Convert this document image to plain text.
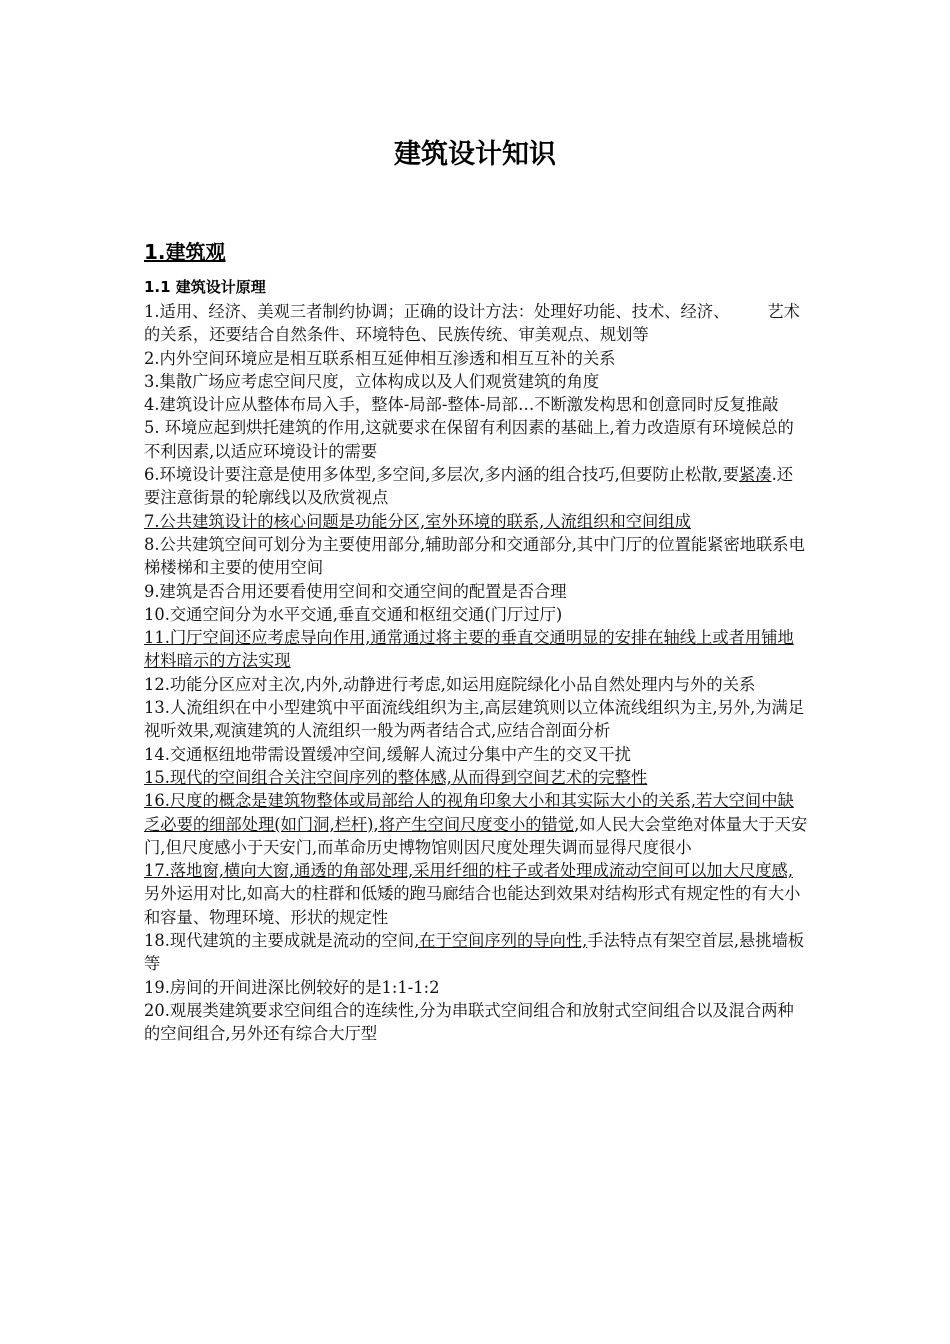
建筑设计知识
1.建筑观
1.1 建筑设计原理

1.适用、经济、美观三者制约协调；正确的设计方法：处理好功能、技术、经济、 艺术的关系，还要结合自然条件、环境特色、民族传统、审美观点、规划等

2.内外空间环境应是相互联系相互延伸相互渗透和相互互补的关系

3.集散广场应考虑空间尺度，立体构成以及人们观赏建筑的角度

4.建筑设计应从整体布局入手，整体-局部-整体-局部…不断激发构思和创意同时反复推敲

5. 环境应起到烘托建筑的作用,这就要求在保留有利因素的基础上,着力改造原有环境候总的不利因素,以适应环境设计的需要

6.环境设计要注意是使用多体型,多空间,多层次,多内涵的组合技巧,但要防止松散,要紧凑.还要注意街景的轮廓线以及欣赏视点

7.公共建筑设计的核心问题是功能分区,室外环境的联系,人流组织和空间组成

8.公共建筑空间可划分为主要使用部分,辅助部分和交通部分,其中门厅的位置能紧密地联系电梯楼梯和主要的使用空间

9.建筑是否合用还要看使用空间和交通空间的配置是否合理

10.交通空间分为水平交通,垂直交通和枢纽交通(门厅过厅)

11.门厅空间还应考虑导向作用,通常通过将主要的垂直交通明显的安排在轴线上或者用铺地材料暗示的方法实现

12.功能分区应对主次,内外,动静进行考虑,如运用庭院绿化小品自然处理内与外的关系

13.人流组织在中小型建筑中平面流线组织为主,高层建筑则以立体流线组织为主,另外,为满足视听效果,观演建筑的人流组织一般为两者结合式,应结合剖面分析

14.交通枢纽地带需设置缓冲空间,缓解人流过分集中产生的交叉干扰

15.现代的空间组合关注空间序列的整体感,从而得到空间艺术的完整性

16.尺度的概念是建筑物整体或局部给人的视角印象大小和其实际大小的关系,若大空间中缺乏必要的细部处理(如门洞,栏杆),将产生空间尺度变小的错觉,如人民大会堂绝对体量大于天安门,但尺度感小于天安门,而革命历史博物馆则因尺度处理失调而显得尺度很小

17.落地窗,横向大窗,通透的角部处理,采用纤细的柱子或者处理成流动空间可以加大尺度感,另外运用对比,如高大的柱群和低矮的跑马廊结合也能达到效果对结构形式有规定性的有大小和容量、物理环境、形状的规定性

18.现代建筑的主要成就是流动的空间,在于空间序列的导向性,手法特点有架空首层,悬挑墙板等

19.房间的开间进深比例较好的是1:1-1:2

20.观展类建筑要求空间组合的连续性,分为串联式空间组合和放射式空间组合以及混合两种的空间组合,另外还有综合大厅型
